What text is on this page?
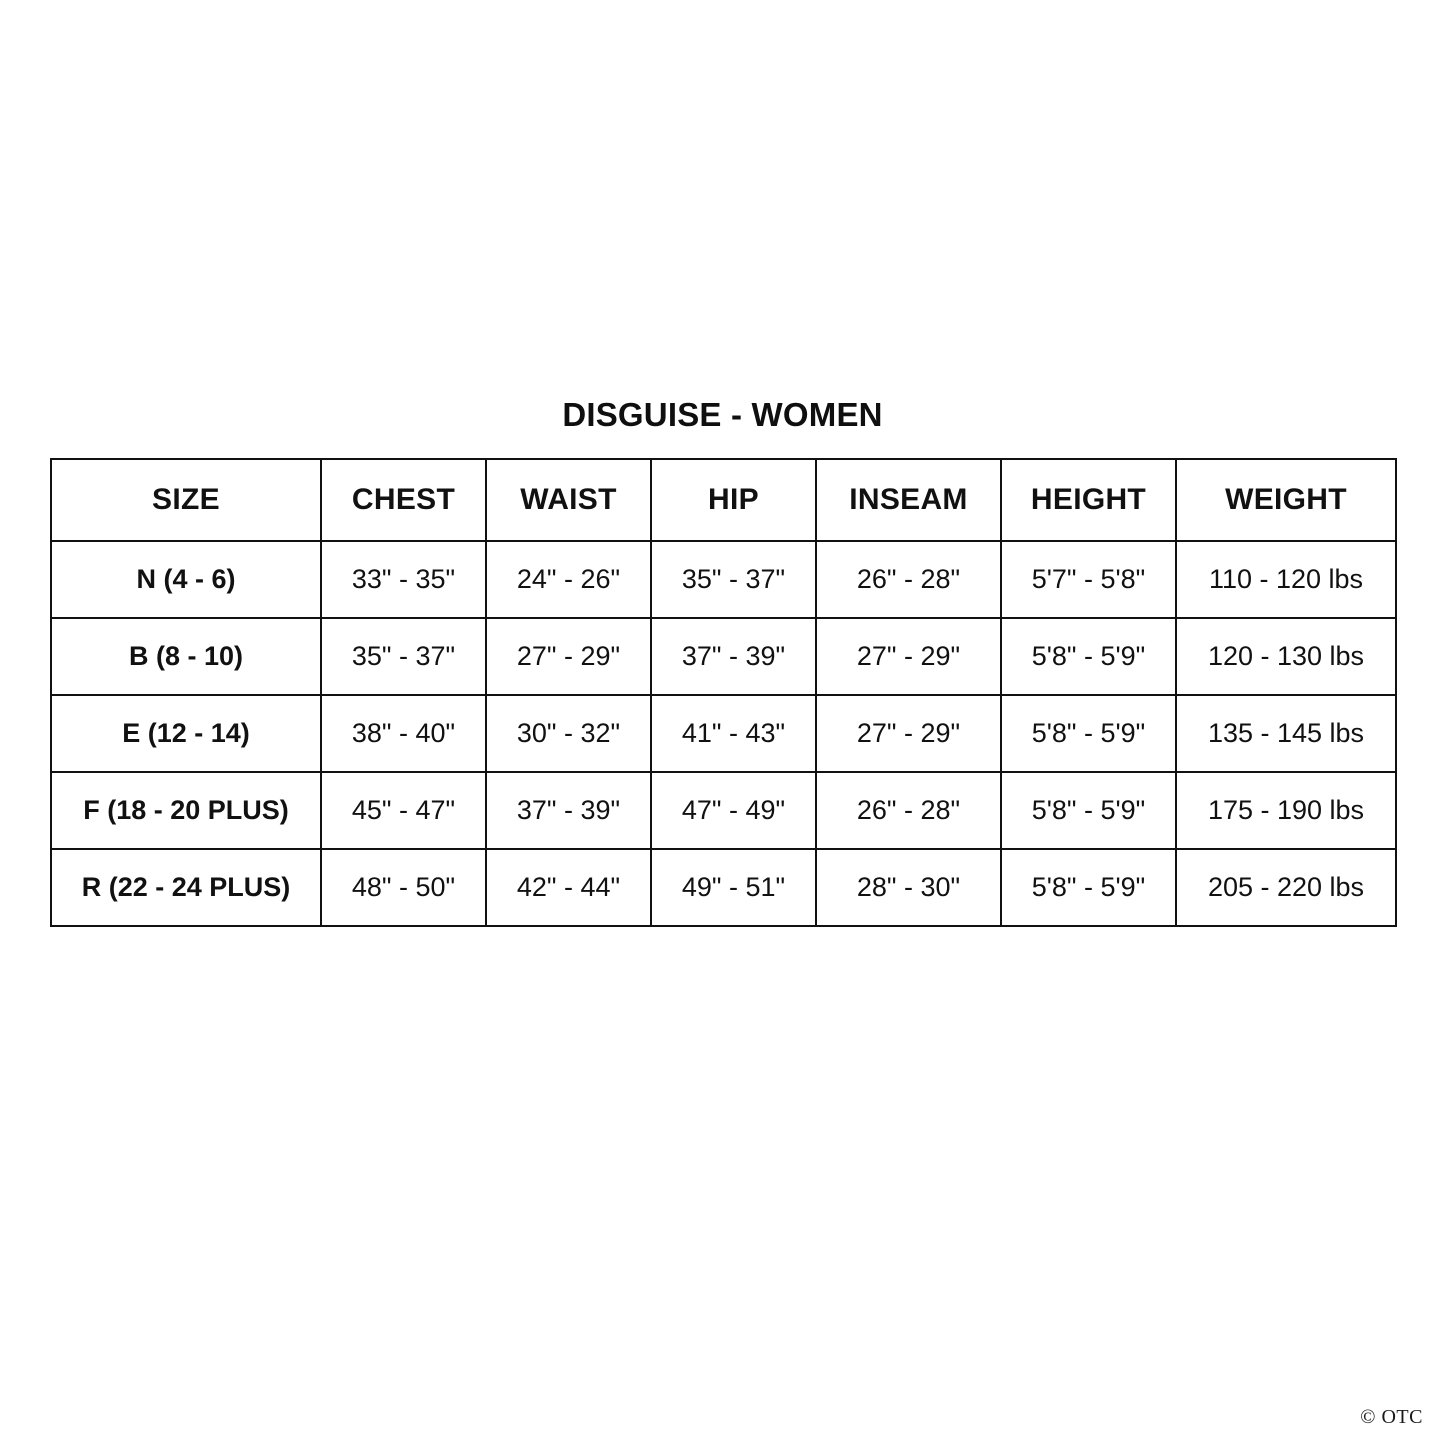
DISGUISE - WOMEN
SIZE	CHEST	WAIST	HIP	INSEAM	HEIGHT	WEIGHT
N (4 - 6)	33" - 35"	24" - 26"	35" - 37"	26" - 28"	5'7" - 5'8"	110 - 120 lbs
B (8 - 10)	35" - 37"	27" - 29"	37" - 39"	27" - 29"	5'8" - 5'9"	120 - 130 lbs
E (12 - 14)	38" - 40"	30" - 32"	41" - 43"	27" - 29"	5'8" - 5'9"	135 - 145 lbs
F (18 - 20 PLUS)	45" - 47"	37" - 39"	47" - 49"	26" - 28"	5'8" - 5'9"	175 - 190 lbs
R (22 - 24 PLUS)	48" - 50"	42" - 44"	49" - 51"	28" - 30"	5'8" - 5'9"	205 - 220 lbs
© OTC
